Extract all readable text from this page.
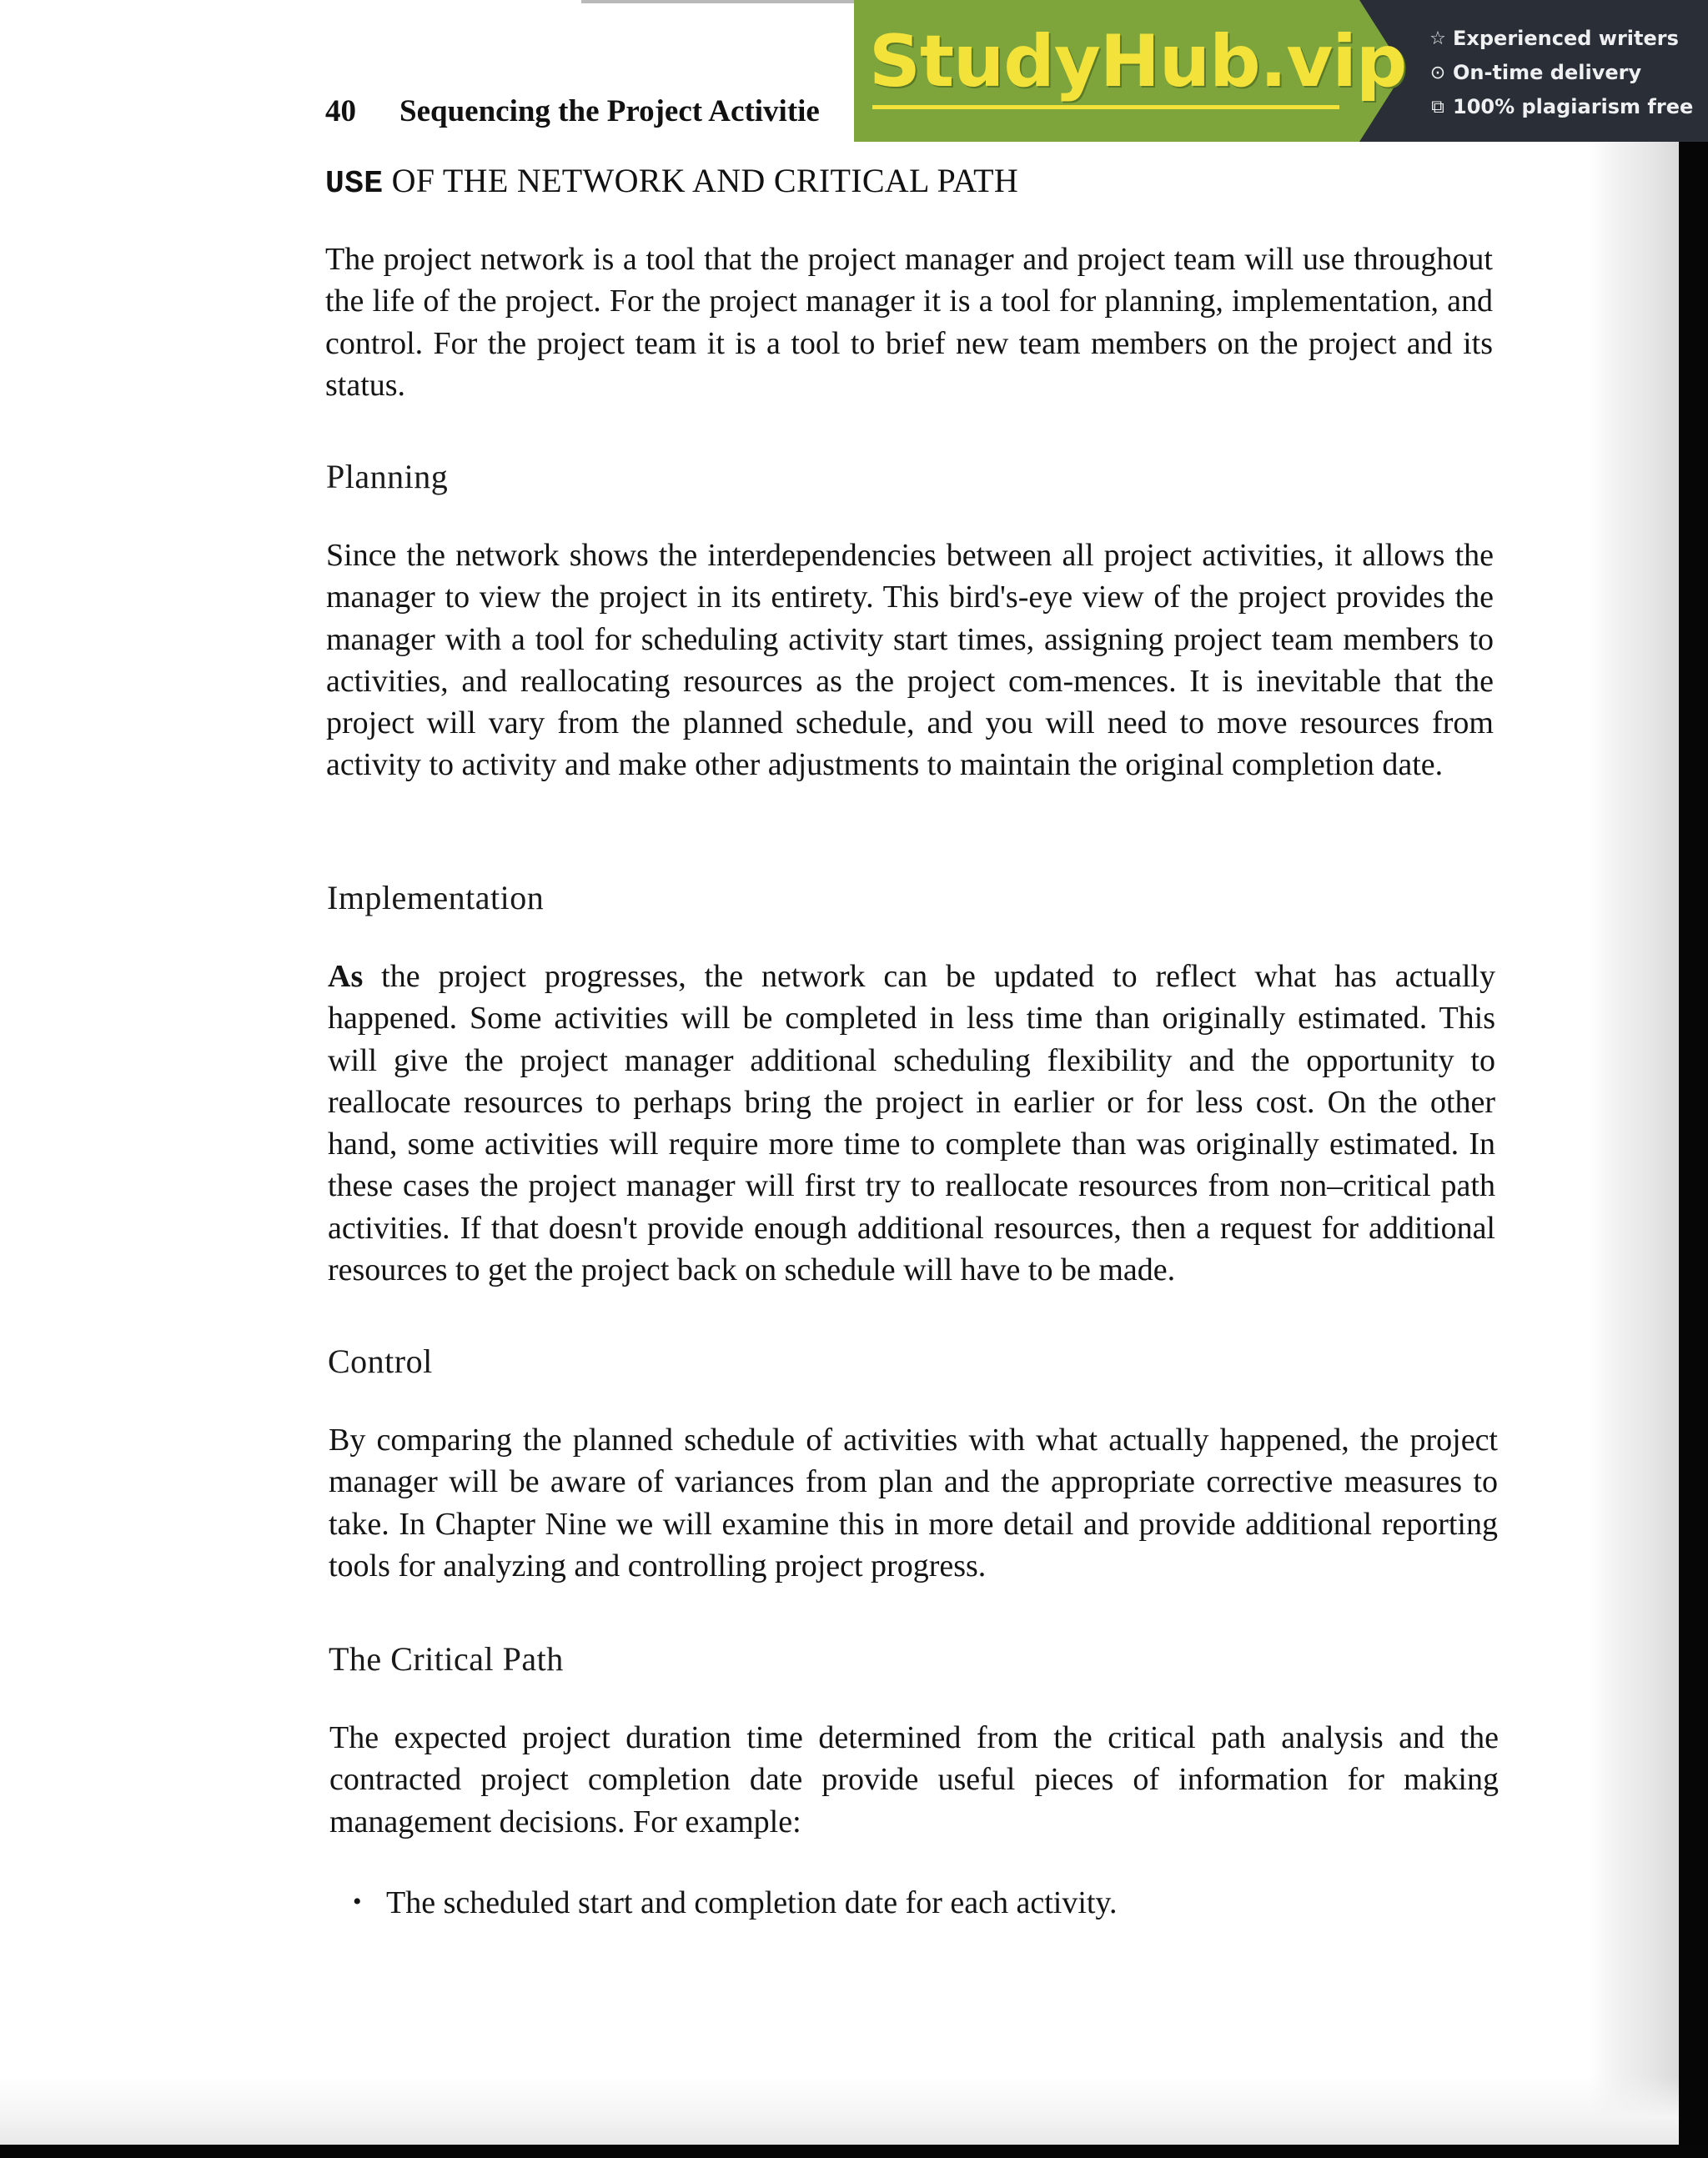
40 Sequencing the Project Activitie
StudyHub.vip ☆ Experienced writers
⊙ On-time delivery
⧉ 100% plagiarism free
USE OF THE NETWORK AND CRITICAL PATH

The project network is a tool that the project manager and project team will use throughout the life of the project. For the project manager it is a tool for planning, implementation, and control. For the project team it is a tool to brief new team members on the project and its status.

Planning

Since the network shows the interdependencies between all project activities, it allows the manager to view the project in its entirety. This bird's-eye view of the project provides the manager with a tool for scheduling activity start times, assigning project team members to activities, and reallocating resources as the project com-mences. It is inevitable that the project will vary from the planned schedule, and you will need to move resources from activity to activity and make other adjustments to maintain the original completion date.

Implementation

As the project progresses, the network can be updated to reflect what has actually happened. Some activities will be completed in less time than originally estimated. This will give the project manager additional scheduling flexibility and the opportunity to reallocate resources to perhaps bring the project in earlier or for less cost. On the other hand, some activities will require more time to complete than was originally estimated. In these cases the project manager will first try to reallocate resources from non–critical path activities. If that doesn't provide enough additional resources, then a request for additional resources to get the project back on schedule will have to be made.

Control

By comparing the planned schedule of activities with what actually happened, the project manager will be aware of variances from plan and the appropriate corrective measures to take. In Chapter Nine we will examine this in more detail and provide additional reporting tools for analyzing and controlling project progress.

The Critical Path

The expected project duration time determined from the critical path analysis and the contracted project completion date provide useful pieces of information for making management decisions. For example:

• The scheduled start and completion date for each activity.
